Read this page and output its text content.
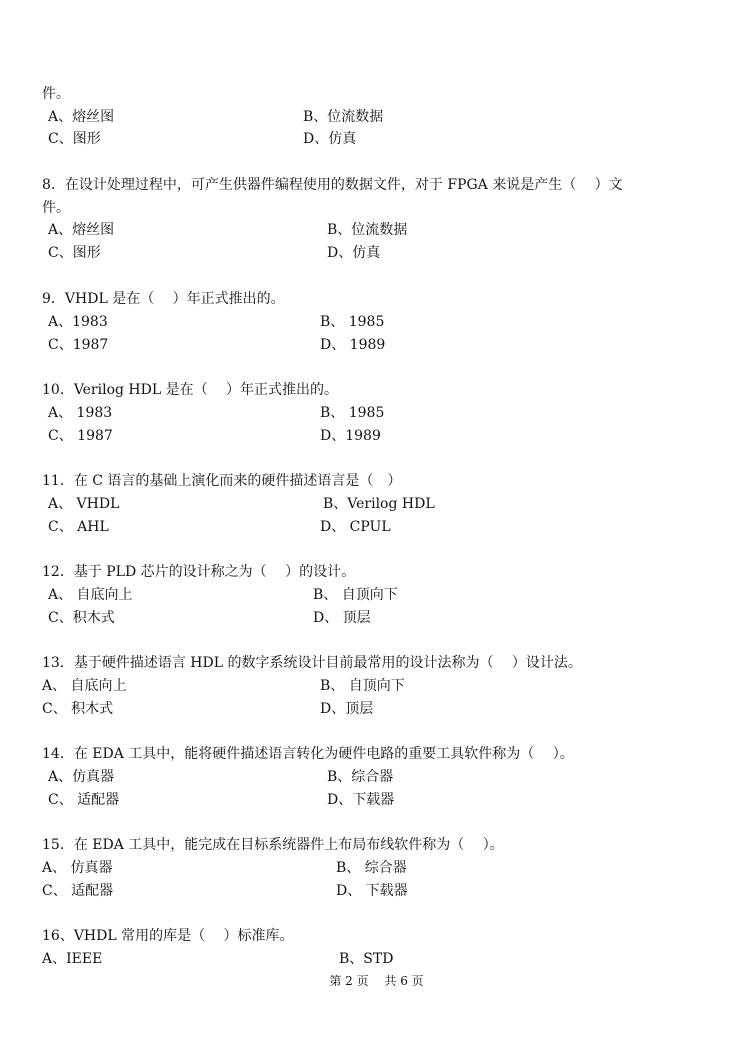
件。
A、熔丝图	B、位流数据
C、图形	D、仿真
8．在设计处理过程中，可产生供器件编程使用的数据文件，对于 FPGA 来说是产生（　 ）文
件。
A、熔丝图	B、位流数据
C、图形	D、仿真
9．VHDL 是在（　 ）年正式推出的。
A、1983	B、 1985
C、1987	D、 1989
10．Verilog HDL 是在（　 ）年正式推出的。
A、 1983	B、 1985
C、 1987	D、1989
11．在 C 语言的基础上演化而来的硬件描述语言是（　）
A、 VHDL	B、Verilog HDL
C、 AHL	D、 CPUL
12．基于 PLD 芯片的设计称之为（　 ）的设计。
A、 自底向上	B、 自顶向下
C、积木式	D、 顶层
13．基于硬件描述语言 HDL 的数字系统设计目前最常用的设计法称为（　 ）设计法。
A、 自底向上	B、 自顶向下
C、 积木式	D、顶层
14．在 EDA 工具中，能将硬件描述语言转化为硬件电路的重要工具软件称为（　 ）。
A、仿真器	B、综合器
C、 适配器	D、下载器
15．在 EDA 工具中，能完成在目标系统器件上布局布线软件称为（　 ）。
A、 仿真器	B、 综合器
C、 适配器	D、 下载器
16、VHDL 常用的库是（　 ）标准库。
A、IEEE	B、STD
第 2 页　 共 6 页
